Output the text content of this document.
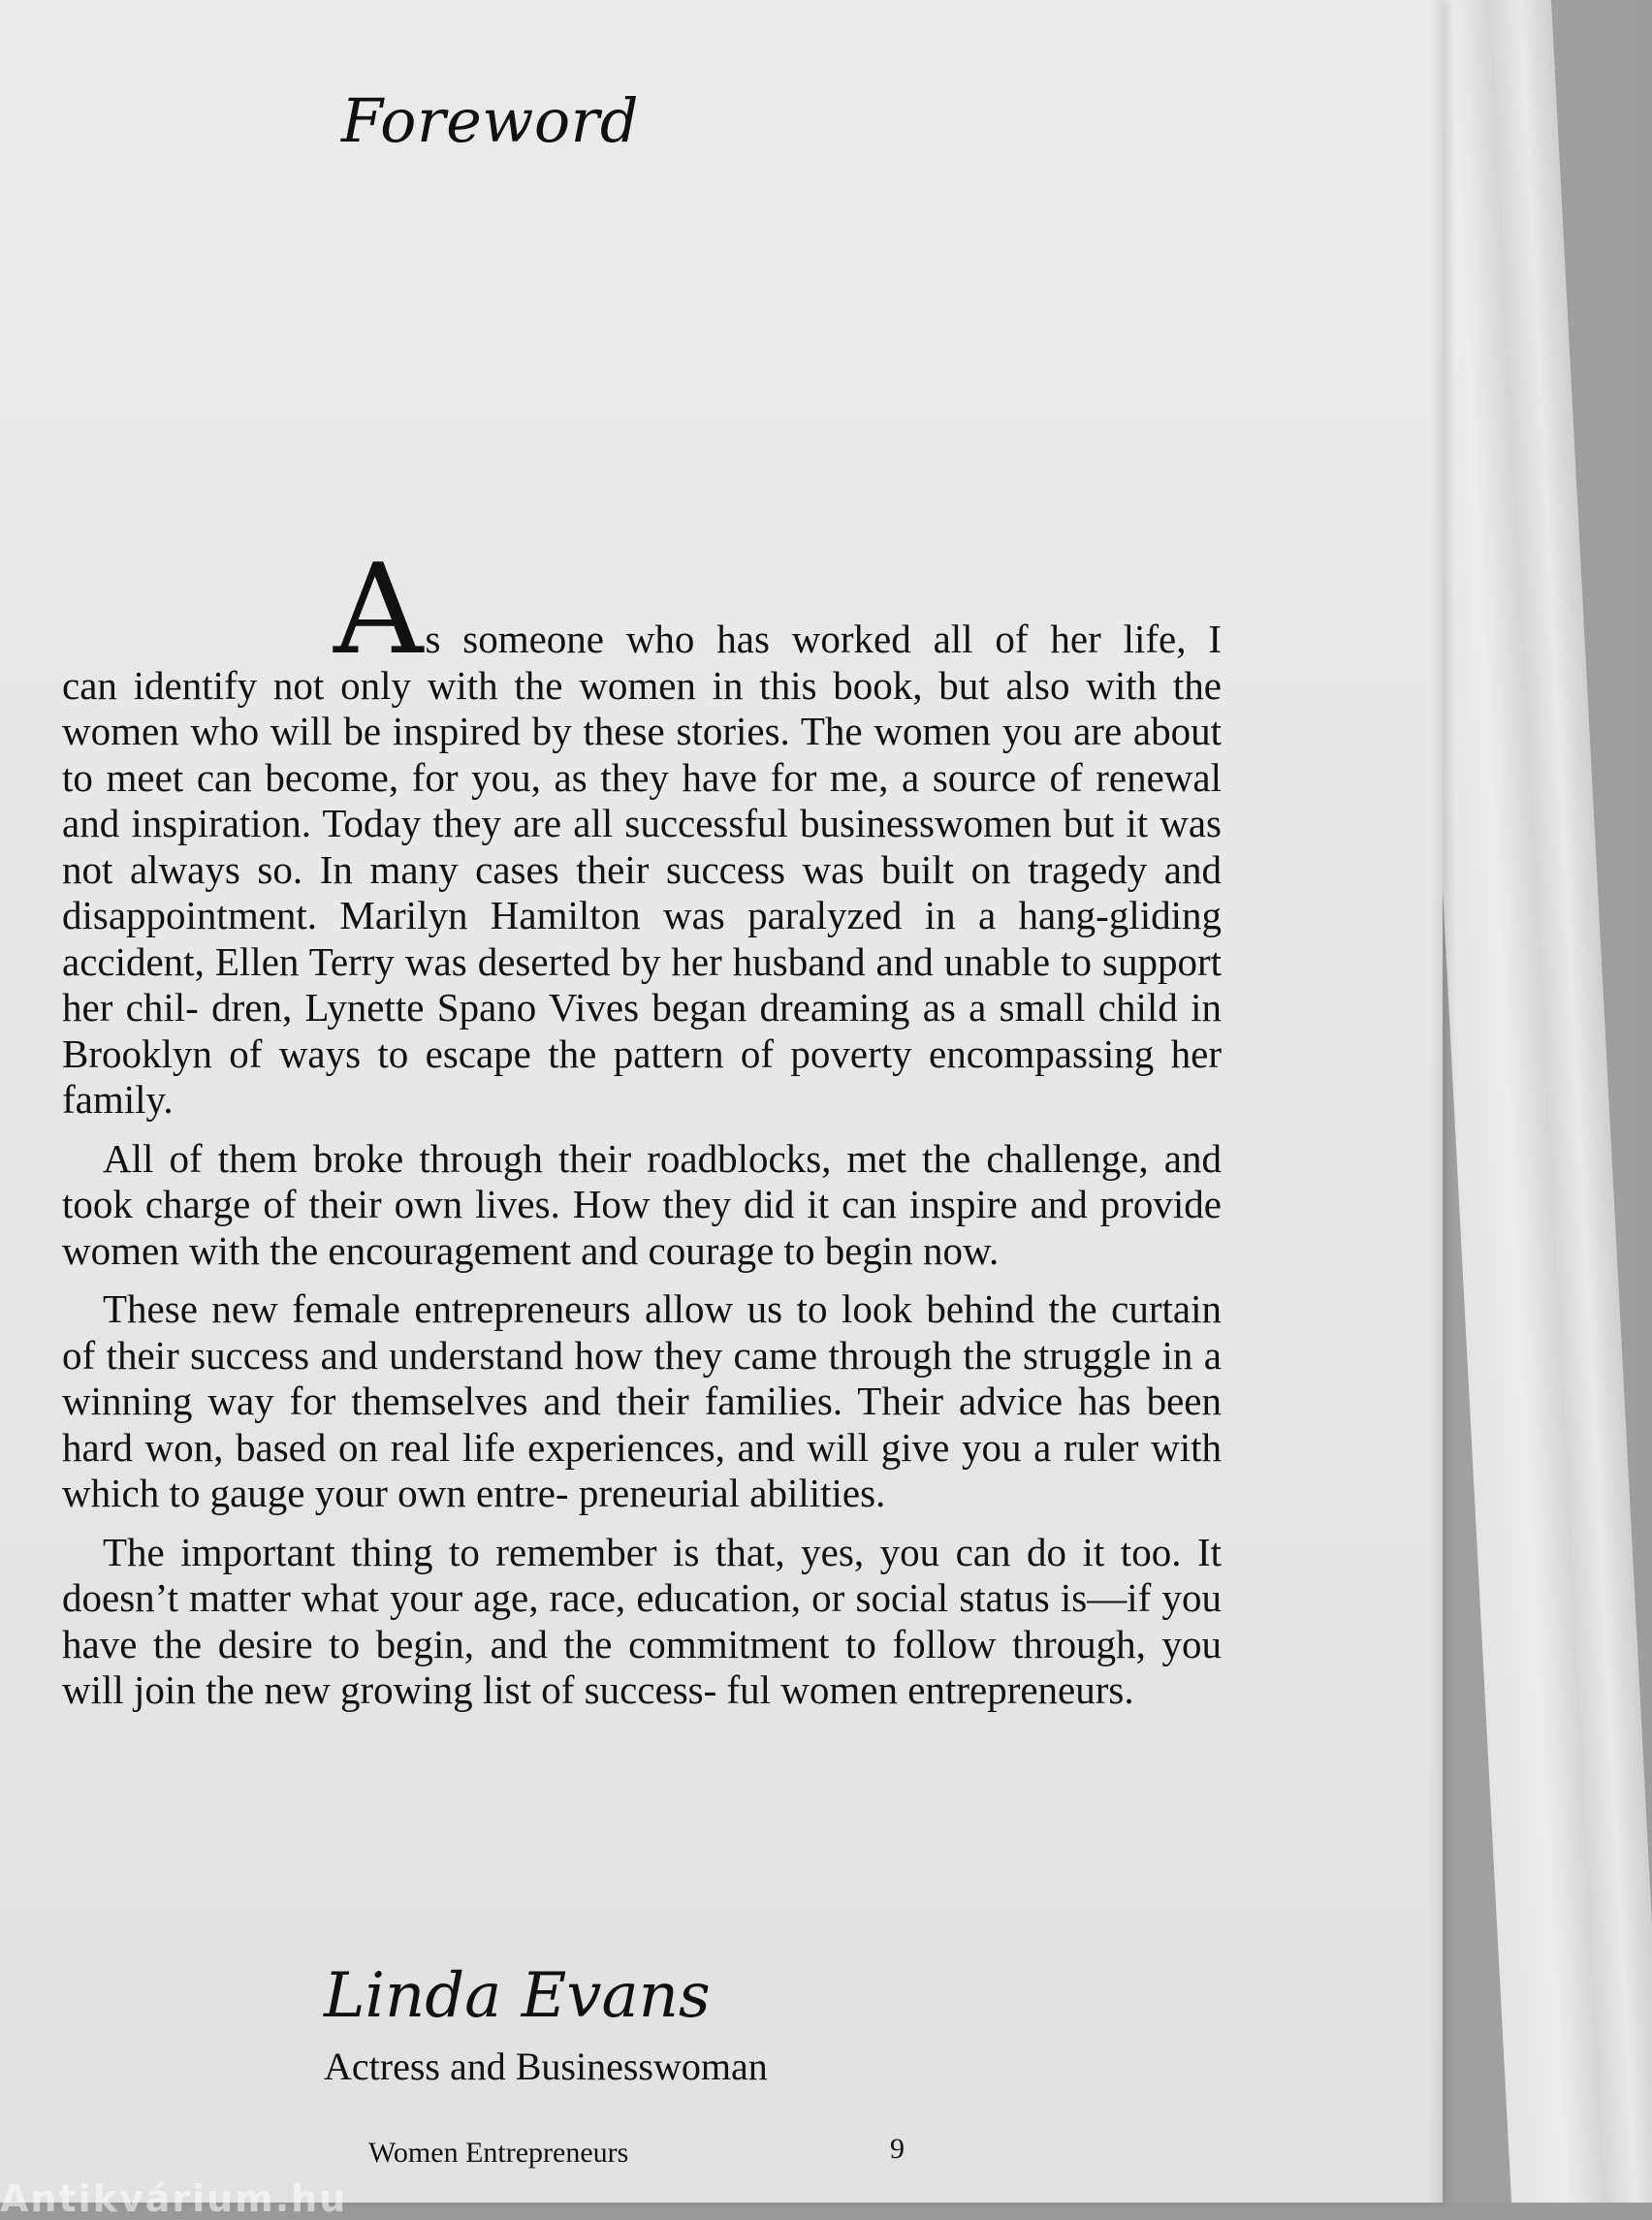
Foreword

As someone who has worked all of her life, I
can identify not only with the women in this book, but also with the women who will be inspired by these stories. The women you are about to meet can become, for you, as they have for me, a source of renewal and inspiration. Today they are all successful businesswomen but it was not always so. In many cases their success was built on tragedy and disappointment. Marilyn Hamilton was paralyzed in a hang-gliding accident, Ellen Terry was deserted by her husband and unable to support her chil- dren, Lynette Spano Vives began dreaming as a small child in Brooklyn of ways to escape the pattern of poverty encompassing her family.

All of them broke through their roadblocks, met the challenge, and took charge of their own lives. How they did it can inspire and provide women with the encouragement and courage to begin now.

These new female entrepreneurs allow us to look behind the curtain of their success and understand how they came through the struggle in a winning way for themselves and their families. Their advice has been hard won, based on real life experiences, and will give you a ruler with which to gauge your own entre- preneurial abilities.

The important thing to remember is that, yes, you can do it too. It doesn’t matter what your age, race, education, or social status is—if you have the desire to begin, and the commitment to follow through, you will join the new growing list of success- ful women entrepreneurs.

Linda Evans
Actress and Businesswoman
Women Entrepreneurs	9
Antikvárium.hu
